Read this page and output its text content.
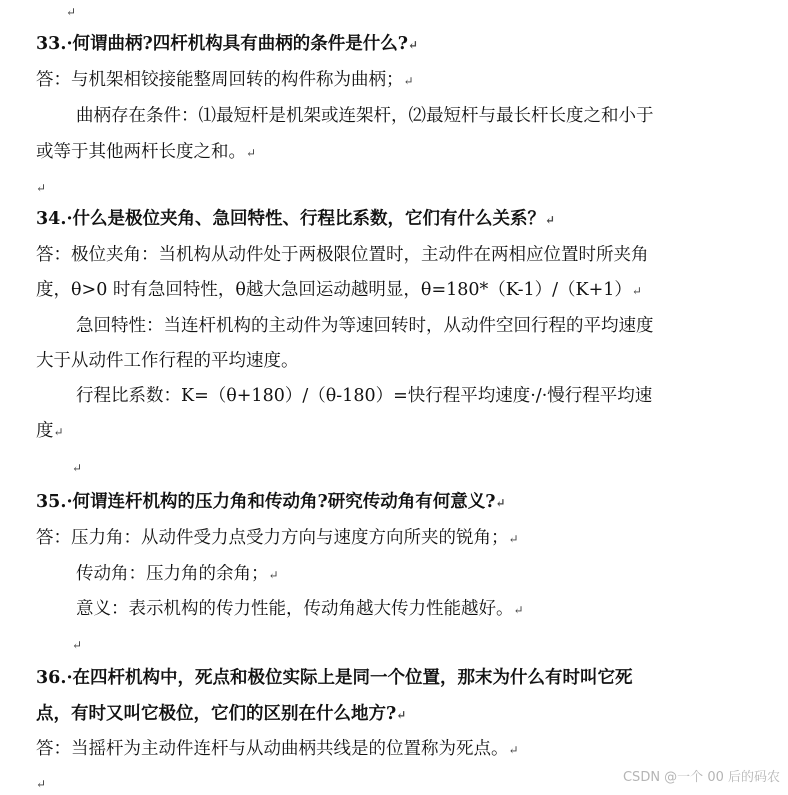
↵
33.·何谓曲柄?四杆机构具有曲柄的条件是什么?↵
答：与机架相铰接能整周回转的构件称为曲柄；↵
曲柄存在条件：⑴最短杆是机架或连架杆，⑵最短杆与最长杆长度之和小于
或等于其他两杆长度之和。↵
↵
34.·什么是极位夹角、急回特性、行程比系数，它们有什么关系？↵
答：极位夹角：当机构从动件处于两极限位置时，主动件在两相应位置时所夹角
度，θ>0 时有急回特性，θ越大急回运动越明显，θ=180*（K-1）/（K+1）↵
急回特性：当连杆机构的主动件为等速回转时，从动件空回行程的平均速度
大于从动件工作行程的平均速度。
行程比系数：K=（θ+180）/（θ-180）=快行程平均速度·/·慢行程平均速
度↵
↵
35.·何谓连杆机构的压力角和传动角?研究传动角有何意义?↵
答：压力角：从动件受力点受力方向与速度方向所夹的锐角；↵
传动角：压力角的余角；↵
意义：表示机构的传力性能，传动角越大传力性能越好。↵
↵
36.·在四杆机构中，死点和极位实际上是同一个位置，那末为什么有时叫它死
点，有时又叫它极位，它们的区别在什么地方?↵
答：当摇杆为主动件连杆与从动曲柄共线是的位置称为死点。↵
↵	CSDN @一个 00 后的码农
